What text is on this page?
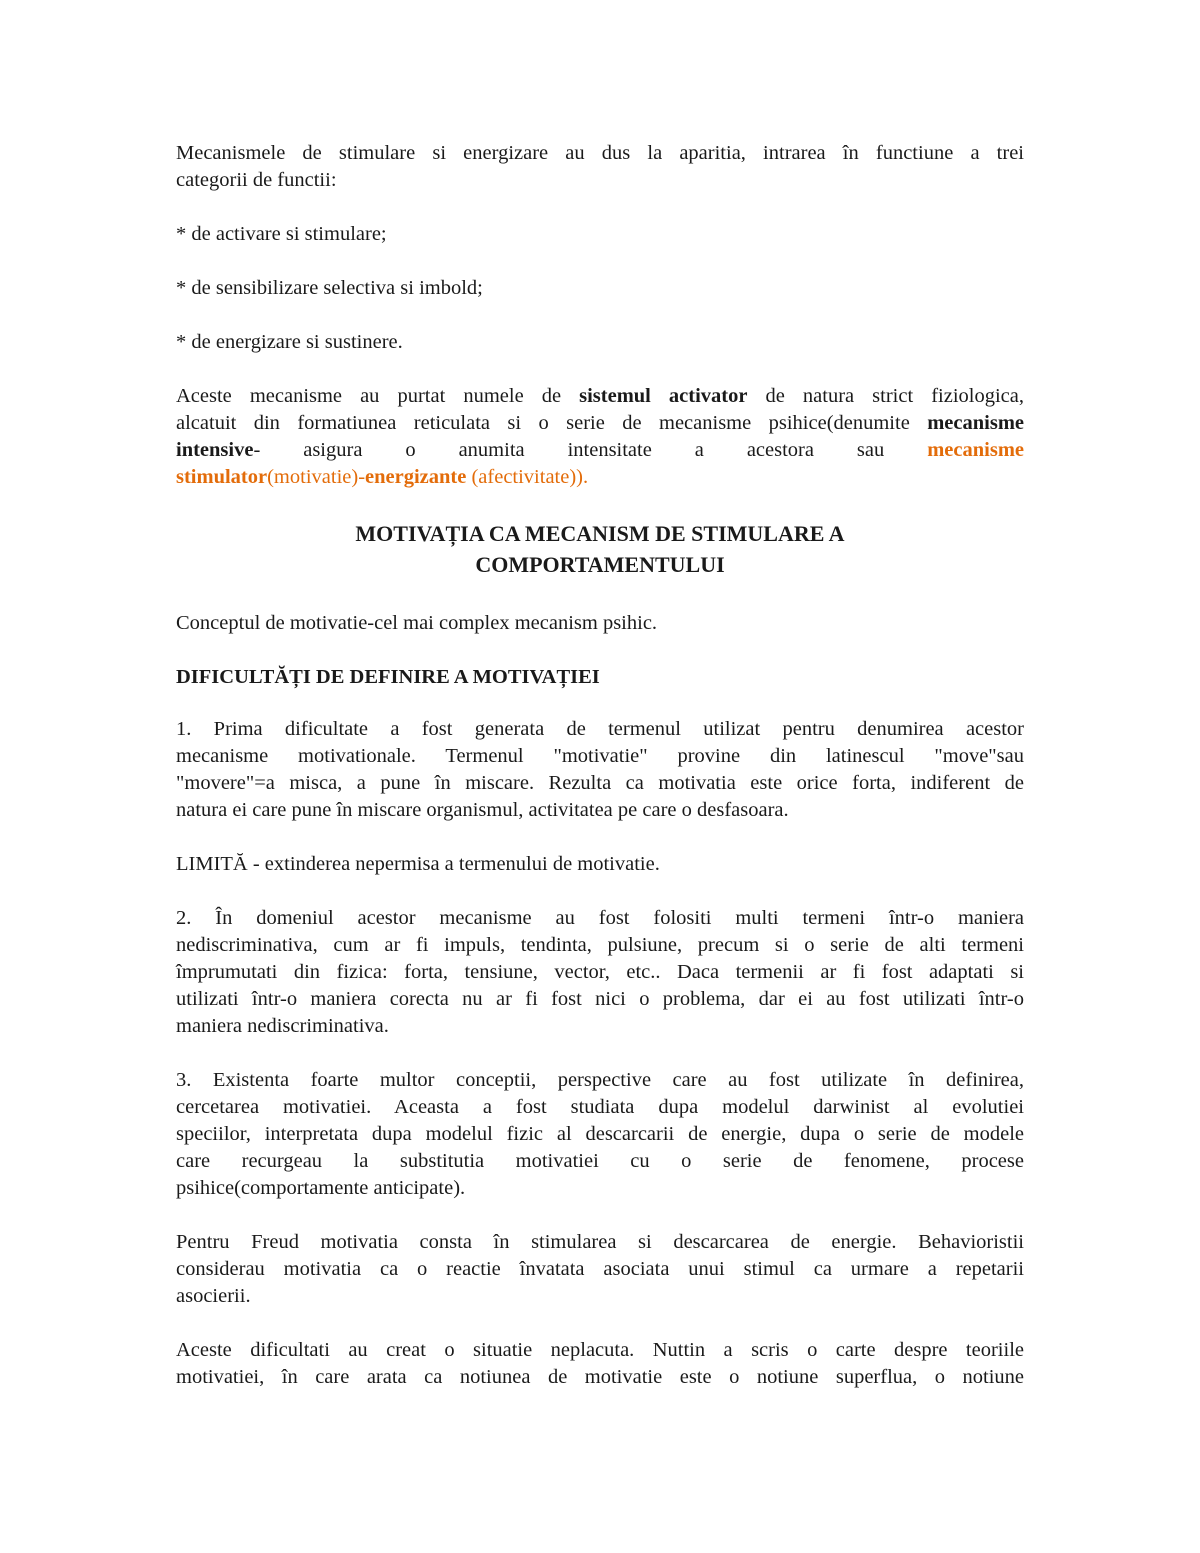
Mecanismele de stimulare si energizare au dus la aparitia, intrarea în functiune a trei
categorii de functii:

* de activare si stimulare;

* de sensibilizare selectiva si imbold;

* de energizare si sustinere.

Aceste mecanisme au purtat numele de sistemul activator de natura strict fiziologica,
alcatuit din formatiunea reticulata si o serie de mecanisme psihice(denumite mecanisme
intensive- asigura o anumita intensitate a acestora sau mecanisme
stimulator(motivatie)-energizante (afectivitate)).

MOTIVAȚIA CA MECANISM DE STIMULARE A
COMPORTAMENTULUI

Conceptul de motivatie-cel mai complex mecanism psihic.

DIFICULTĂȚI DE DEFINIRE A MOTIVAȚIEI

1. Prima dificultate a fost generata de termenul utilizat pentru denumirea acestor
mecanisme motivationale. Termenul "motivatie" provine din latinescul "move"sau
"movere"=a misca, a pune în miscare. Rezulta ca motivatia este orice forta, indiferent de
natura ei care pune în miscare organismul, activitatea pe care o desfasoara.

LIMITĂ - extinderea nepermisa a termenului de motivatie.

2. În domeniul acestor mecanisme au fost folositi multi termeni într-o maniera
nediscriminativa, cum ar fi impuls, tendinta, pulsiune, precum si o serie de alti termeni
împrumutati din fizica: forta, tensiune, vector, etc.. Daca termenii ar fi fost adaptati si
utilizati într-o maniera corecta nu ar fi fost nici o problema, dar ei au fost utilizati într-o
maniera nediscriminativa.

3. Existenta foarte multor conceptii, perspective care au fost utilizate în definirea,
cercetarea motivatiei. Aceasta a fost studiata dupa modelul darwinist al evolutiei
speciilor, interpretata dupa modelul fizic al descarcarii de energie, dupa o serie de modele
care recurgeau la substitutia motivatiei cu o serie de fenomene, procese
psihice(comportamente anticipate).

Pentru Freud motivatia consta în stimularea si descarcarea de energie. Behavioristii
considerau motivatia ca o reactie învatata asociata unui stimul ca urmare a repetarii
asocierii.

Aceste dificultati au creat o situatie neplacuta. Nuttin a scris o carte despre teoriile
motivatiei, în care arata ca notiunea de motivatie este o notiune superflua, o notiune
